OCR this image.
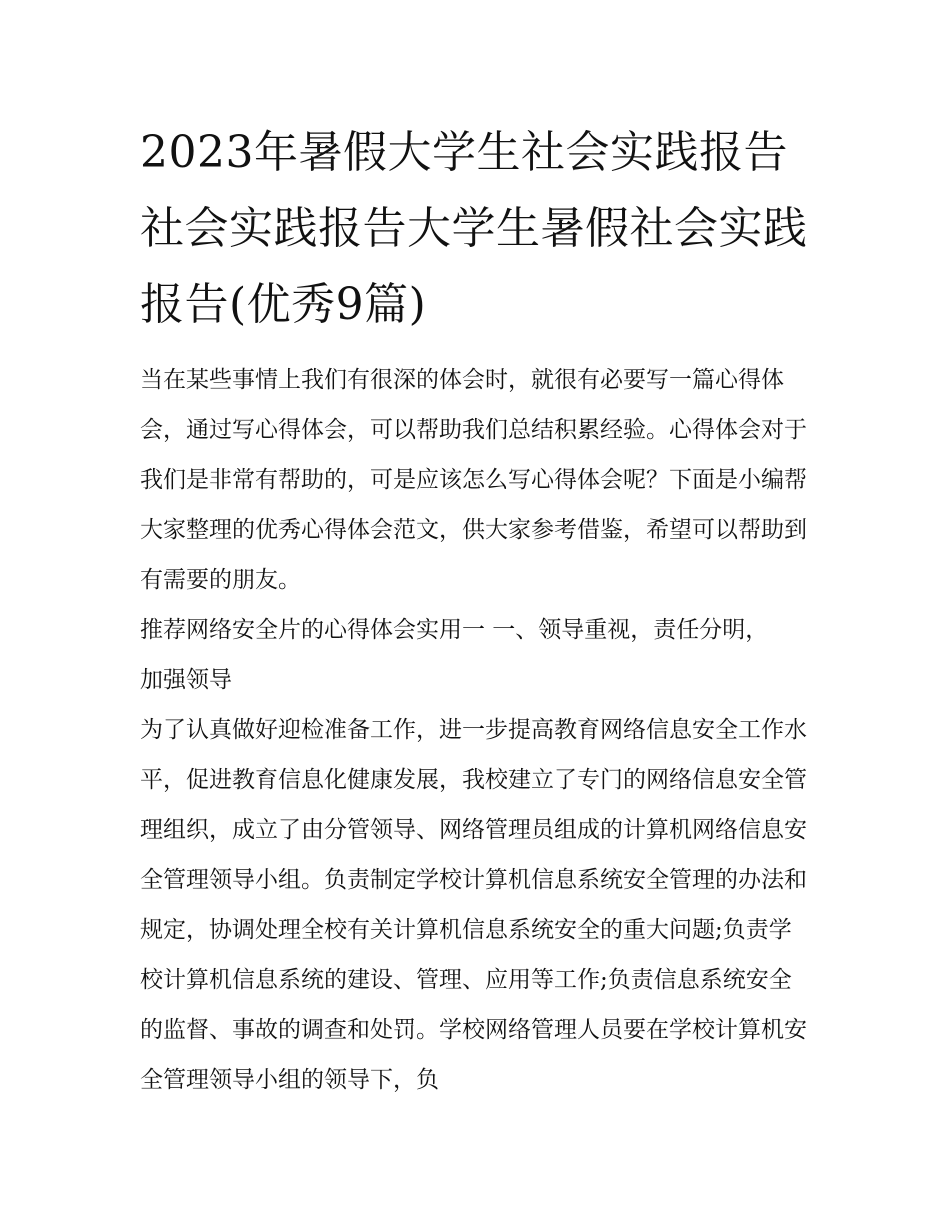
2023年暑假大学生社会实践报告 社会实践报告大学生暑假社会实践报告(优秀9篇)

当在某些事情上我们有很深的体会时，就很有必要写一篇心得体会，通过写心得体会，可以帮助我们总结积累经验。心得体会对于我们是非常有帮助的，可是应该怎么写心得体会呢？下面是小编帮大家整理的优秀心得体会范文，供大家参考借鉴，希望可以帮助到有需要的朋友。

推荐网络安全片的心得体会实用一 一、领导重视，责任分明，加强领导

为了认真做好迎检准备工作，进一步提高教育网络信息安全工作水平，促进教育信息化健康发展，我校建立了专门的网络信息安全管理组织，成立了由分管领导、网络管理员组成的计算机网络信息安全管理领导小组。负责制定学校计算机信息系统安全管理的办法和规定，协调处理全校有关计算机信息系统安全的重大问题;负责学校计算机信息系统的建设、管理、应用等工作;负责信息系统安全的监督、事故的调查和处罚。学校网络管理人员要在学校计算机安全管理领导小组的领导下，负
